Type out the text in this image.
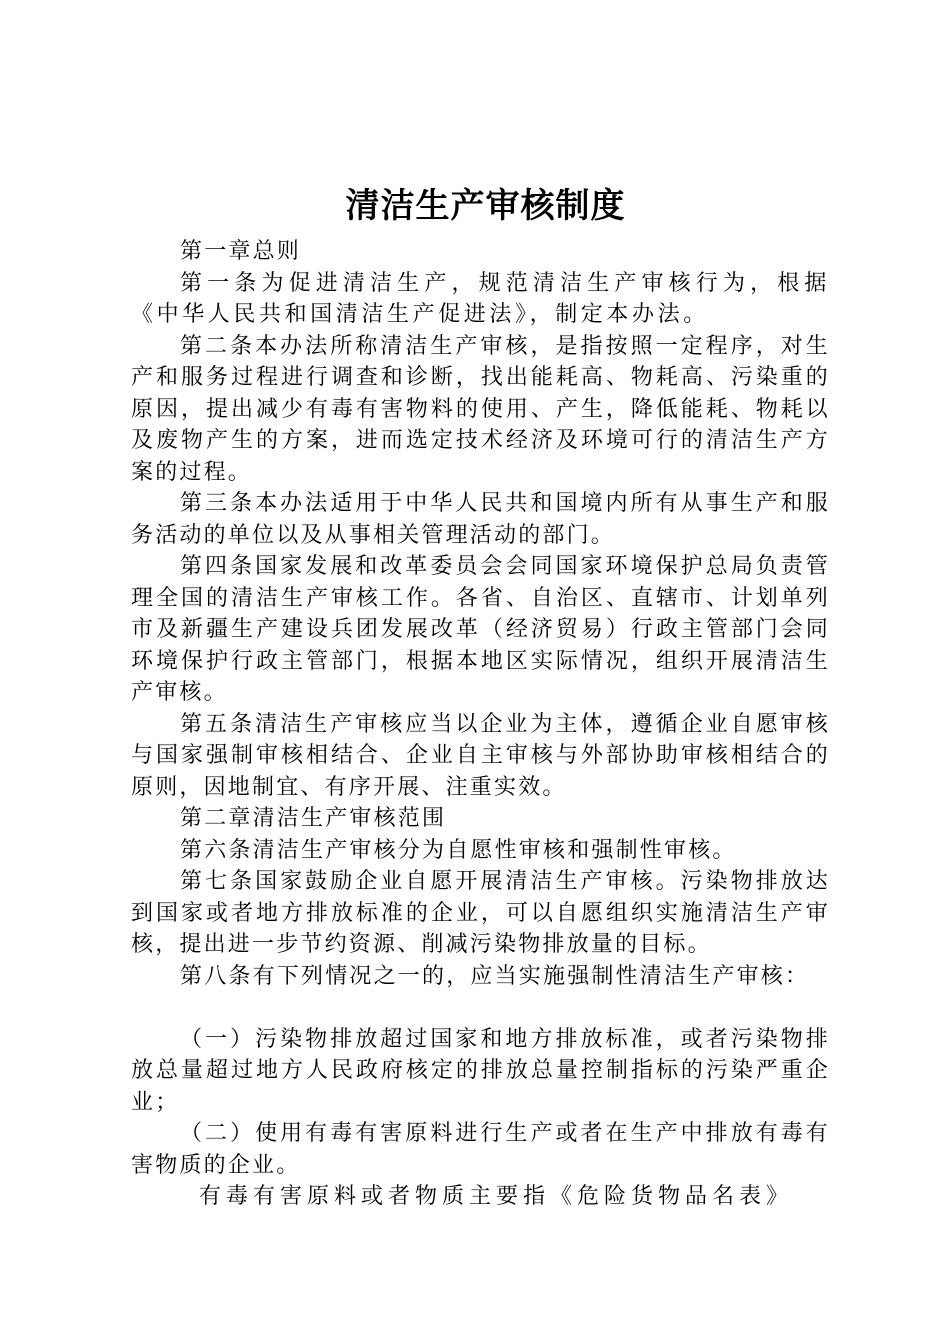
清洁生产审核制度

第一章总则

第一条为促进清洁生产，规范清洁生产审核行为，根据《中华人民共和国清洁生产促进法》，制定本办法。

第二条本办法所称清洁生产审核，是指按照一定程序，对生产和服务过程进行调查和诊断，找出能耗高、物耗高、污染重的原因，提出减少有毒有害物料的使用、产生，降低能耗、物耗以及废物产生的方案，进而选定技术经济及环境可行的清洁生产方案的过程。

第三条本办法适用于中华人民共和国境内所有从事生产和服务活动的单位以及从事相关管理活动的部门。

第四条国家发展和改革委员会会同国家环境保护总局负责管理全国的清洁生产审核工作。各省、自治区、直辖市、计划单列市及新疆生产建设兵团发展改革（经济贸易）行政主管部门会同环境保护行政主管部门，根据本地区实际情况，组织开展清洁生产审核。

第五条清洁生产审核应当以企业为主体，遵循企业自愿审核与国家强制审核相结合、企业自主审核与外部协助审核相结合的原则，因地制宜、有序开展、注重实效。

第二章清洁生产审核范围

第六条清洁生产审核分为自愿性审核和强制性审核。

第七条国家鼓励企业自愿开展清洁生产审核。污染物排放达到国家或者地方排放标准的企业，可以自愿组织实施清洁生产审核，提出进一步节约资源、削减污染物排放量的目标。

第八条有下列情况之一的，应当实施强制性清洁生产审核：

（一）污染物排放超过国家和地方排放标准，或者污染物排放总量超过地方人民政府核定的排放总量控制指标的污染严重企业；

（二）使用有毒有害原料进行生产或者在生产中排放有毒有害物质的企业。

有毒有害原料或者物质主要指《危险货物品名表》
